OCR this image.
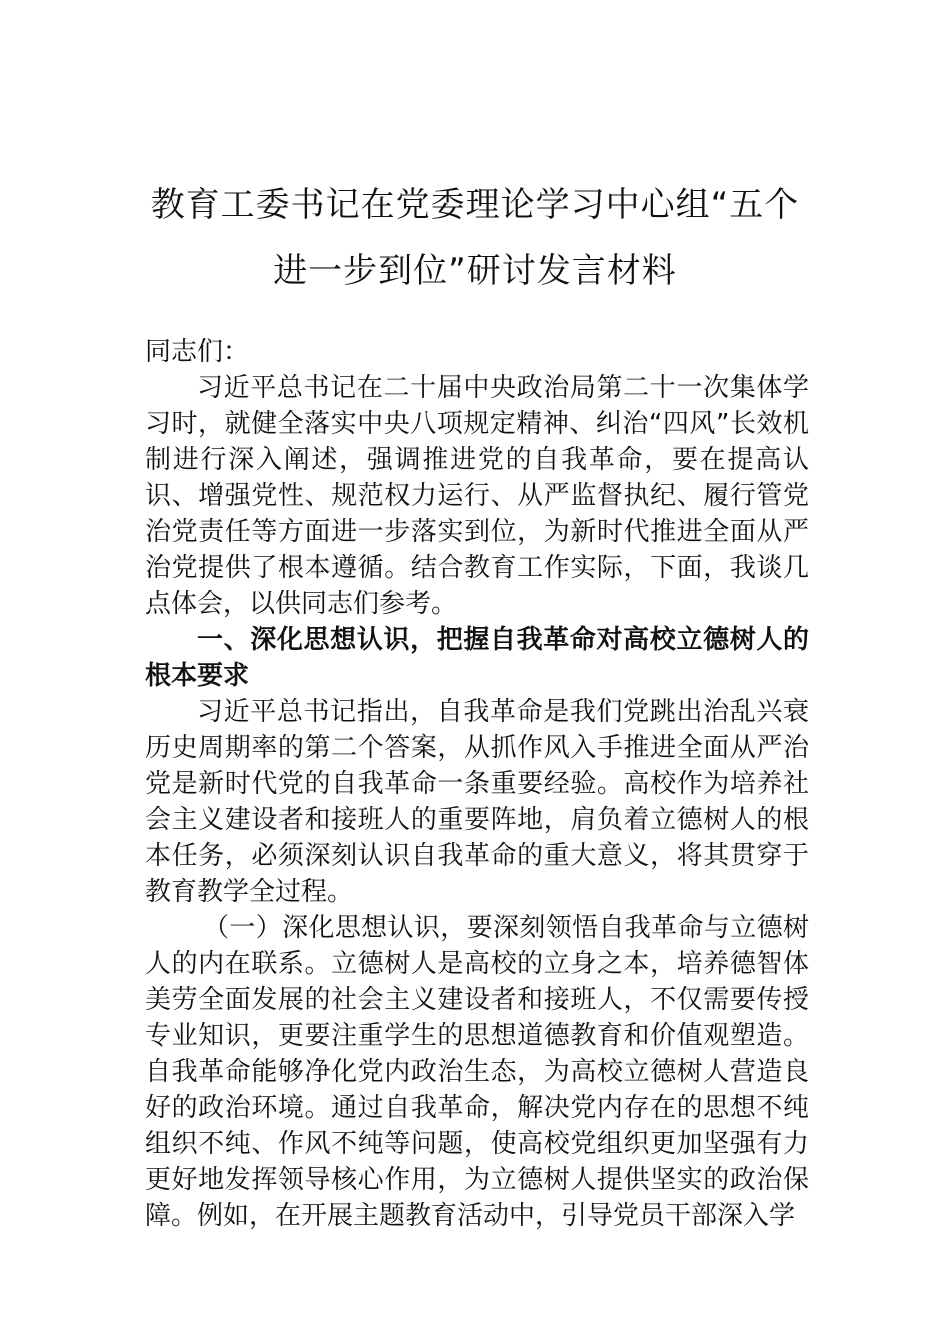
教育工委书记在党委理论学习中心组“五个
进一步到位”研讨发言材料

同志们：

习近平总书记在二十届中央政治局第二十一次集体学习时，就健全落实中央八项规定精神、纠治“四风”长效机制进行深入阐述，强调推进党的自我革命，要在提高认识、增强党性、规范权力运行、从严监督执纪、履行管党治党责任等方面进一步落实到位，为新时代推进全面从严治党提供了根本遵循。结合教育工作实际，下面，我谈几点体会，以供同志们参考。

一、深化思想认识，把握自我革命对高校立德树人的根本要求

习近平总书记指出，自我革命是我们党跳出治乱兴衰历史周期率的第二个答案，从抓作风入手推进全面从严治党是新时代党的自我革命一条重要经验。高校作为培养社会主义建设者和接班人的重要阵地，肩负着立德树人的根本任务，必须深刻认识自我革命的重大意义，将其贯穿于教育教学全过程。

（一）深化思想认识，要深刻领悟自我革命与立德树人的内在联系。立德树人是高校的立身之本，培养德智体美劳全面发展的社会主义建设者和接班人，不仅需要传授专业知识，更要注重学生的思想道德教育和价值观塑造。自我革命能够净化党内政治生态，为高校立德树人营造良好的政治环境。通过自我革命，解决党内存在的思想不纯组织不纯、作风不纯等问题，使高校党组织更加坚强有力更好地发挥领导核心作用，为立德树人提供坚实的政治保障。例如，在开展主题教育活动中，引导党员干部深入学
